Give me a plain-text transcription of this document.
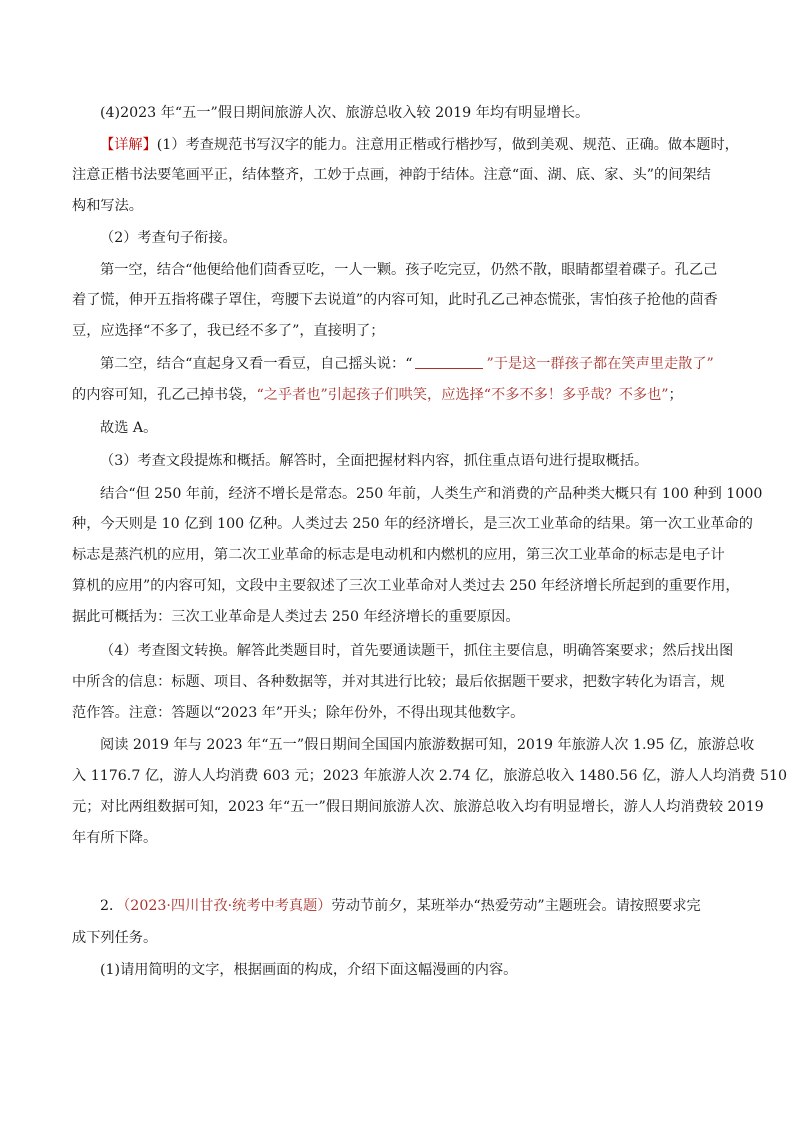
(4)2023 年“五一”假日期间旅游人次、旅游总收入较 2019 年均有明显增长。
【详解】(1）考查规范书写汉字的能力。注意用正楷或行楷抄写，做到美观、规范、正确。做本题时，
注意正楷书法要笔画平正，结体整齐，工妙于点画，神韵于结体。注意“面、湖、底、家、头”的间架结
构和写法。
（2）考查句子衔接。
第一空，结合“他便给他们茴香豆吃，一人一颗。孩子吃完豆，仍然不散，眼睛都望着碟子。孔乙己
着了慌，伸开五指将碟子罩住，弯腰下去说道”的内容可知，此时孔乙己神态慌张，害怕孩子抢他的茴香
豆，应选择“不多了，我已经不多了”，直接明了；
第二空，结合“直起身又看一看豆，自己摇头说：“	”于是这一群孩子都在笑声里走散了”
的内容可知，孔乙己掉书袋，“之乎者也”引起孩子们哄笑，应选择“不多不多！多乎哉？不多也”；
故选 A。
（3）考查文段提炼和概括。解答时，全面把握材料内容，抓住重点语句进行提取概括。
结合“但 250 年前，经济不增长是常态。250 年前，人类生产和消费的产品种类大概只有 100 种到 1000
种，今天则是 10 亿到 100 亿种。人类过去 250 年的经济增长，是三次工业革命的结果。第一次工业革命的
标志是蒸汽机的应用，第二次工业革命的标志是电动机和内燃机的应用，第三次工业革命的标志是电子计
算机的应用”的内容可知，文段中主要叙述了三次工业革命对人类过去 250 年经济增长所起到的重要作用，
据此可概括为：三次工业革命是人类过去 250 年经济增长的重要原因。
（4）考查图文转换。解答此类题目时，首先要通读题干，抓住主要信息，明确答案要求；然后找出图
中所含的信息：标题、项目、各种数据等，并对其进行比较；最后依据题干要求，把数字转化为语言，规
范作答。注意：答题以“2023 年”开头；除年份外，不得出现其他数字。
阅读 2019 年与 2023 年“五一”假日期间全国国内旅游数据可知，2019 年旅游人次 1.95 亿，旅游总收
入 1176.7 亿，游人人均消费 603 元；2023 年旅游人次 2.74 亿，旅游总收入 1480.56 亿，游人人均消费 510
元；对比两组数据可知，2023 年“五一”假日期间旅游人次、旅游总收入均有明显增长，游人人均消费较 2019
年有所下降。
2．（2023·四川甘孜·统考中考真题）劳动节前夕，某班举办“热爱劳动”主题班会。请按照要求完
成下列任务。
(1)请用简明的文字，根据画面的构成，介绍下面这幅漫画的内容。
